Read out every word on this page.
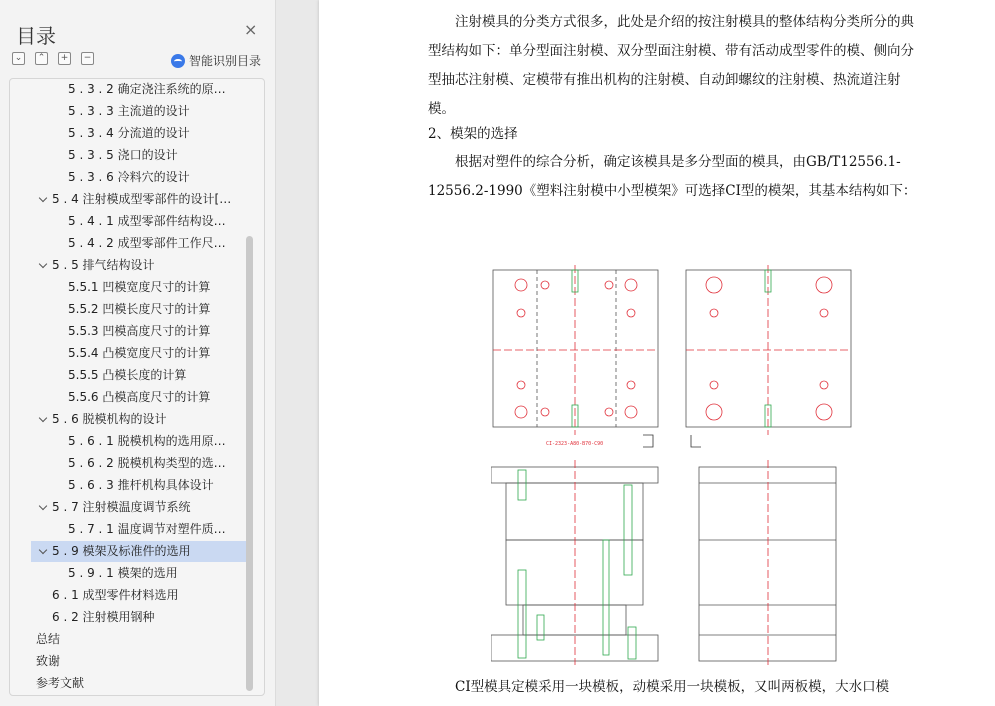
目录	×
⌄	⌃	+	−	智能识别目录
5 . 3 . 2 确定浇注系统的原…
5 . 3 . 3 主流道的设计
5 . 3 . 4 分流道的设计
5 . 3 . 5 浇口的设计
5 . 3 . 6 冷料穴的设计
5 . 4 注射模成型零部件的设计[…
5 . 4 . 1 成型零部件结构设…
5 . 4 . 2 成型零部件工作尺…
5 . 5 排气结构设计
5.5.1 凹模宽度尺寸的计算
5.5.2 凹模长度尺寸的计算
5.5.3 凹模高度尺寸的计算
5.5.4 凸模宽度尺寸的计算
5.5.5 凸模长度的计算
5.5.6 凸模高度尺寸的计算
5 . 6 脱模机构的设计
5 . 6 . 1 脱模机构的选用原…
5 . 6 . 2 脱模机构类型的选…
5 . 6 . 3 推杆机构具体设计
5 . 7 注射模温度调节系统
5 . 7 . 1 温度调节对塑件质…
5 . 9 模架及标准件的选用
5 . 9 . 1 模架的选用
6 . 1 成型零件材料选用
6 . 2 注射模用钢种
总结
致谢
参考文献
　　注射模具的分类方式很多，此处是介绍的按注射模具的整体结构分类所分的典型结构如下：单分型面注射模、双分型面注射模、带有活动成型零件的模、侧向分型抽芯注射模、定模带有推出机构的注射模、自动卸螺纹的注射模、热流道注射模。
2、模架的选择
　　根据对塑件的综合分析，确定该模具是多分型面的模具，由GB/T12556.1-12556.2-1990《塑料注射模中小型模架》可选择CI型的模架，其基本结构如下：
CI-2323-A80-B70-C90
　　CI型模具定模采用一块模板，动模采用一块模板，又叫两板模，大水口模
